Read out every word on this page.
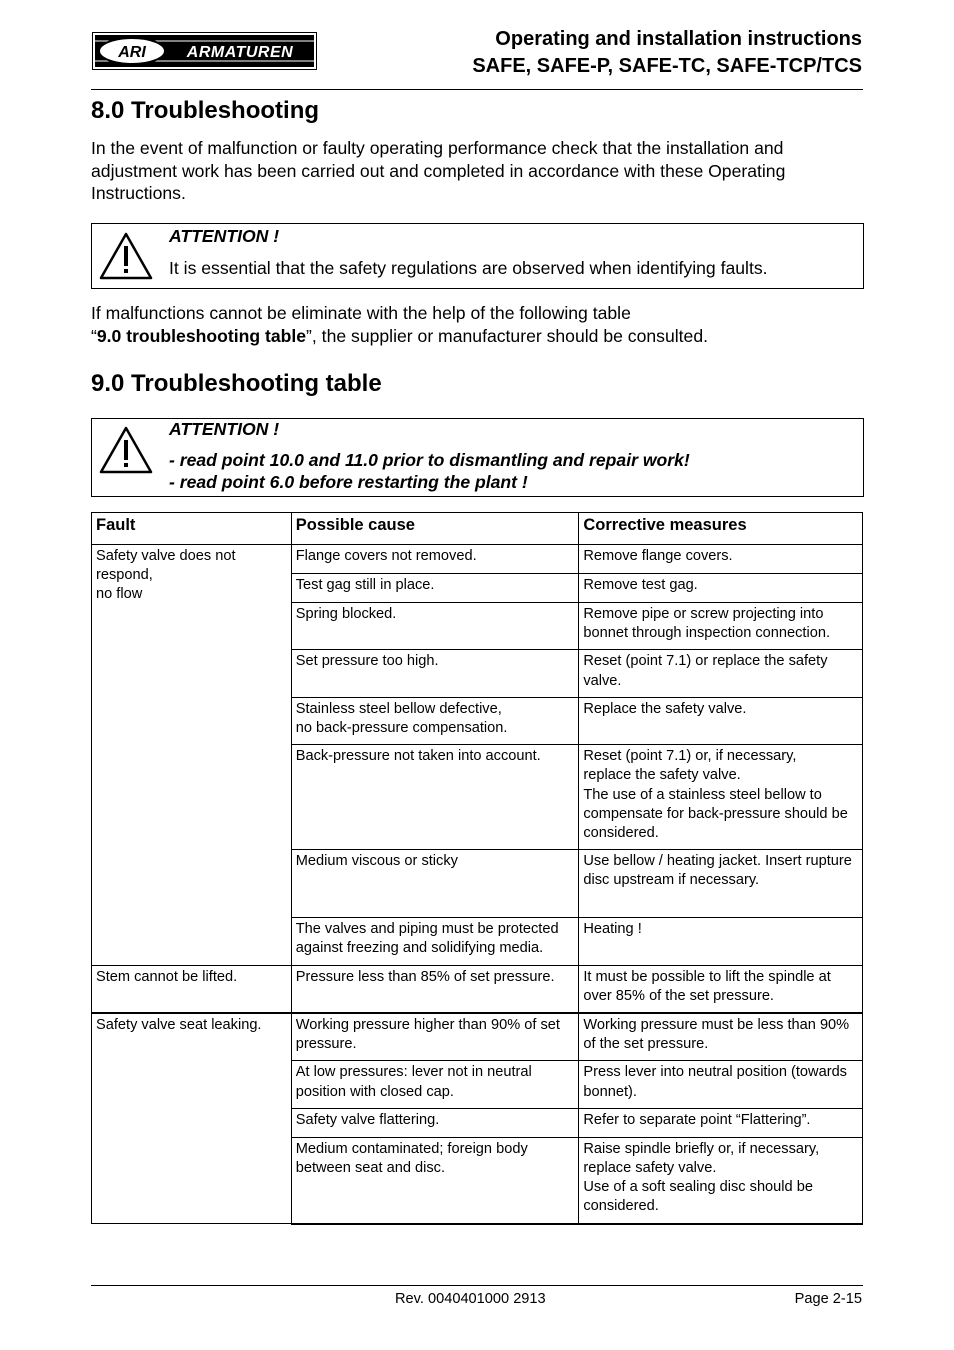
ARI	ARMATUREN
Operating and installation instructions
SAFE, SAFE-P, SAFE-TC, SAFE-TCP/TCS
8.0 Troubleshooting

In the event of malfunction or faulty operating performance check that the installation and adjustment work has been carried out and completed in accordance with these Operating Instructions.

ATTENTION !
It is essential that the safety regulations are observed when identifying faults.

If malfunctions cannot be eliminate with the help of the following table
“9.0 troubleshooting table”, the supplier or manufacturer should be consulted.

9.0 Troubleshooting table
ATTENTION !
- read point 10.0 and 11.0 prior to dismantling and repair work!
- read point 6.0 before restarting the plant !
Fault	Possible cause	Corrective measures

Safety valve does not
respond,
no flow	Flange covers not removed.	Remove flange covers.

	Test gag still in place.	Remove test gag.

	Spring blocked.	Remove pipe or screw projecting into bonnet through inspection connection.

	Set pressure too high.	Reset (point 7.1) or replace the safety valve.

	Stainless steel bellow defective,
no back-pressure compensation.	Replace the safety valve.

	Back-pressure not taken into account.	Reset (point 7.1) or, if necessary,
replace the safety valve.
The use of a stainless steel bellow to compensate for back-pressure should be considered.

	Medium viscous or sticky	Use bellow / heating jacket. Insert rupture disc upstream if necessary.

	The valves and piping must be protected against freezing and solidifying media.	Heating !

Stem cannot be lifted.	Pressure less than 85% of set pressure.	It must be possible to lift the spindle at over 85% of the set pressure.

Safety valve seat leaking.	Working pressure higher than 90% of set pressure.	Working pressure must be less than 90% of the set pressure.

	At low pressures: lever not in neutral position with closed cap.	Press lever into neutral position (towards bonnet).

	Safety valve flattering.	Refer to separate point “Flattering”.

	Medium contaminated; foreign body between seat and disc.	Raise spindle briefly or, if necessary, replace safety valve.
Use of a soft sealing disc should be considered.
Rev. 0040401000 2913	Page 2-15
